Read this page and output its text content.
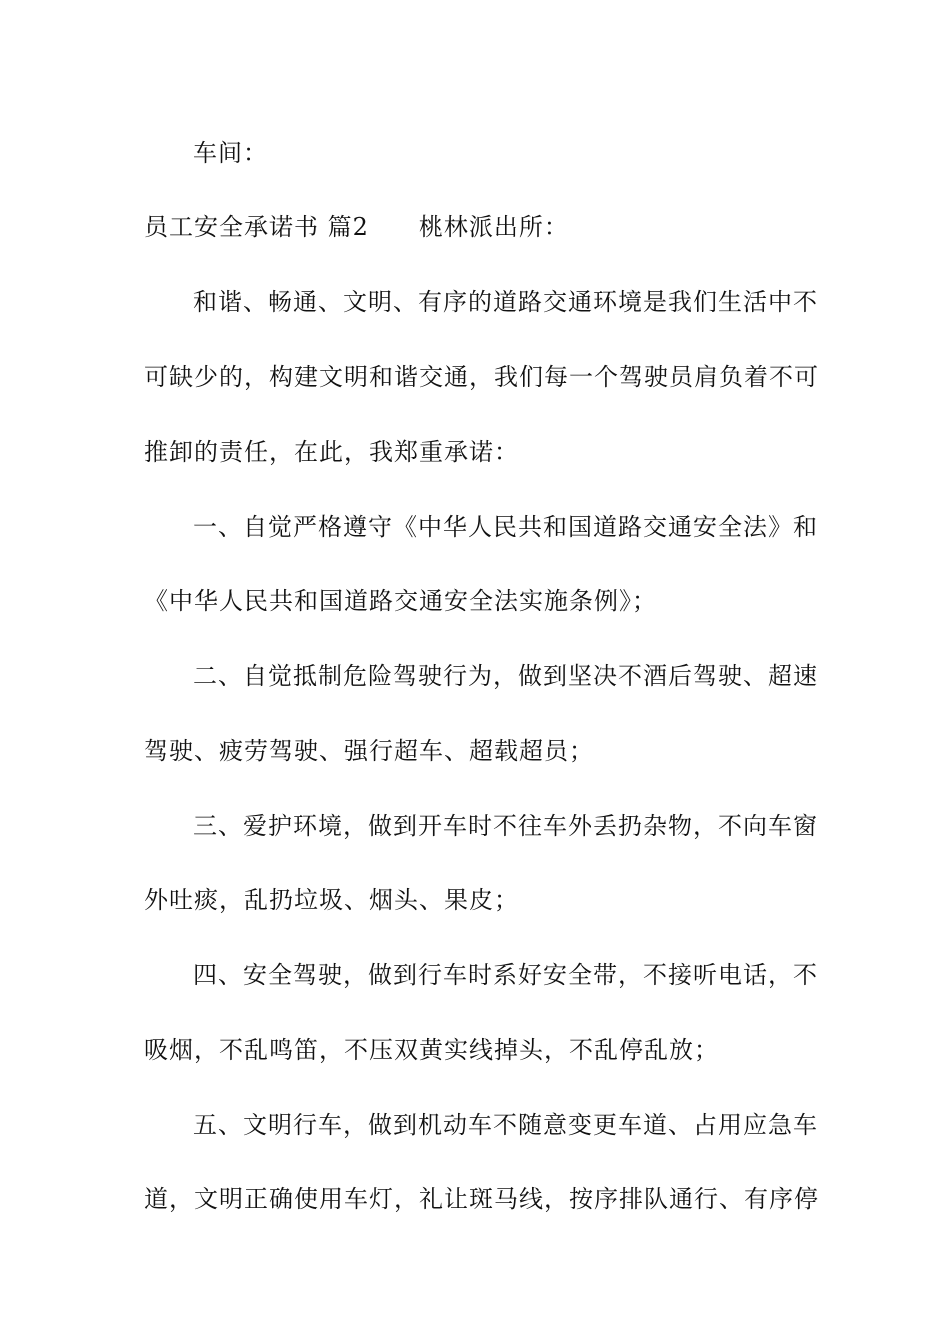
车间：
员工安全承诺书 篇2 桃林派出所：
和谐、畅通、文明、有序的道路交通环境是我们生活中不
可缺少的，构建文明和谐交通，我们每一个驾驶员肩负着不可
推卸的责任，在此，我郑重承诺：
一、自觉严格遵守《中华人民共和国道路交通安全法》和
《中华人民共和国道路交通安全法实施条例》；
二、自觉抵制危险驾驶行为，做到坚决不酒后驾驶、超速
驾驶、疲劳驾驶、强行超车、超载超员；
三、爱护环境，做到开车时不往车外丢扔杂物，不向车窗
外吐痰，乱扔垃圾、烟头、果皮；
四、安全驾驶，做到行车时系好安全带，不接听电话，不
吸烟，不乱鸣笛，不压双黄实线掉头，不乱停乱放；
五、文明行车，做到机动车不随意变更车道、占用应急车
道，文明正确使用车灯，礼让斑马线，按序排队通行、有序停
